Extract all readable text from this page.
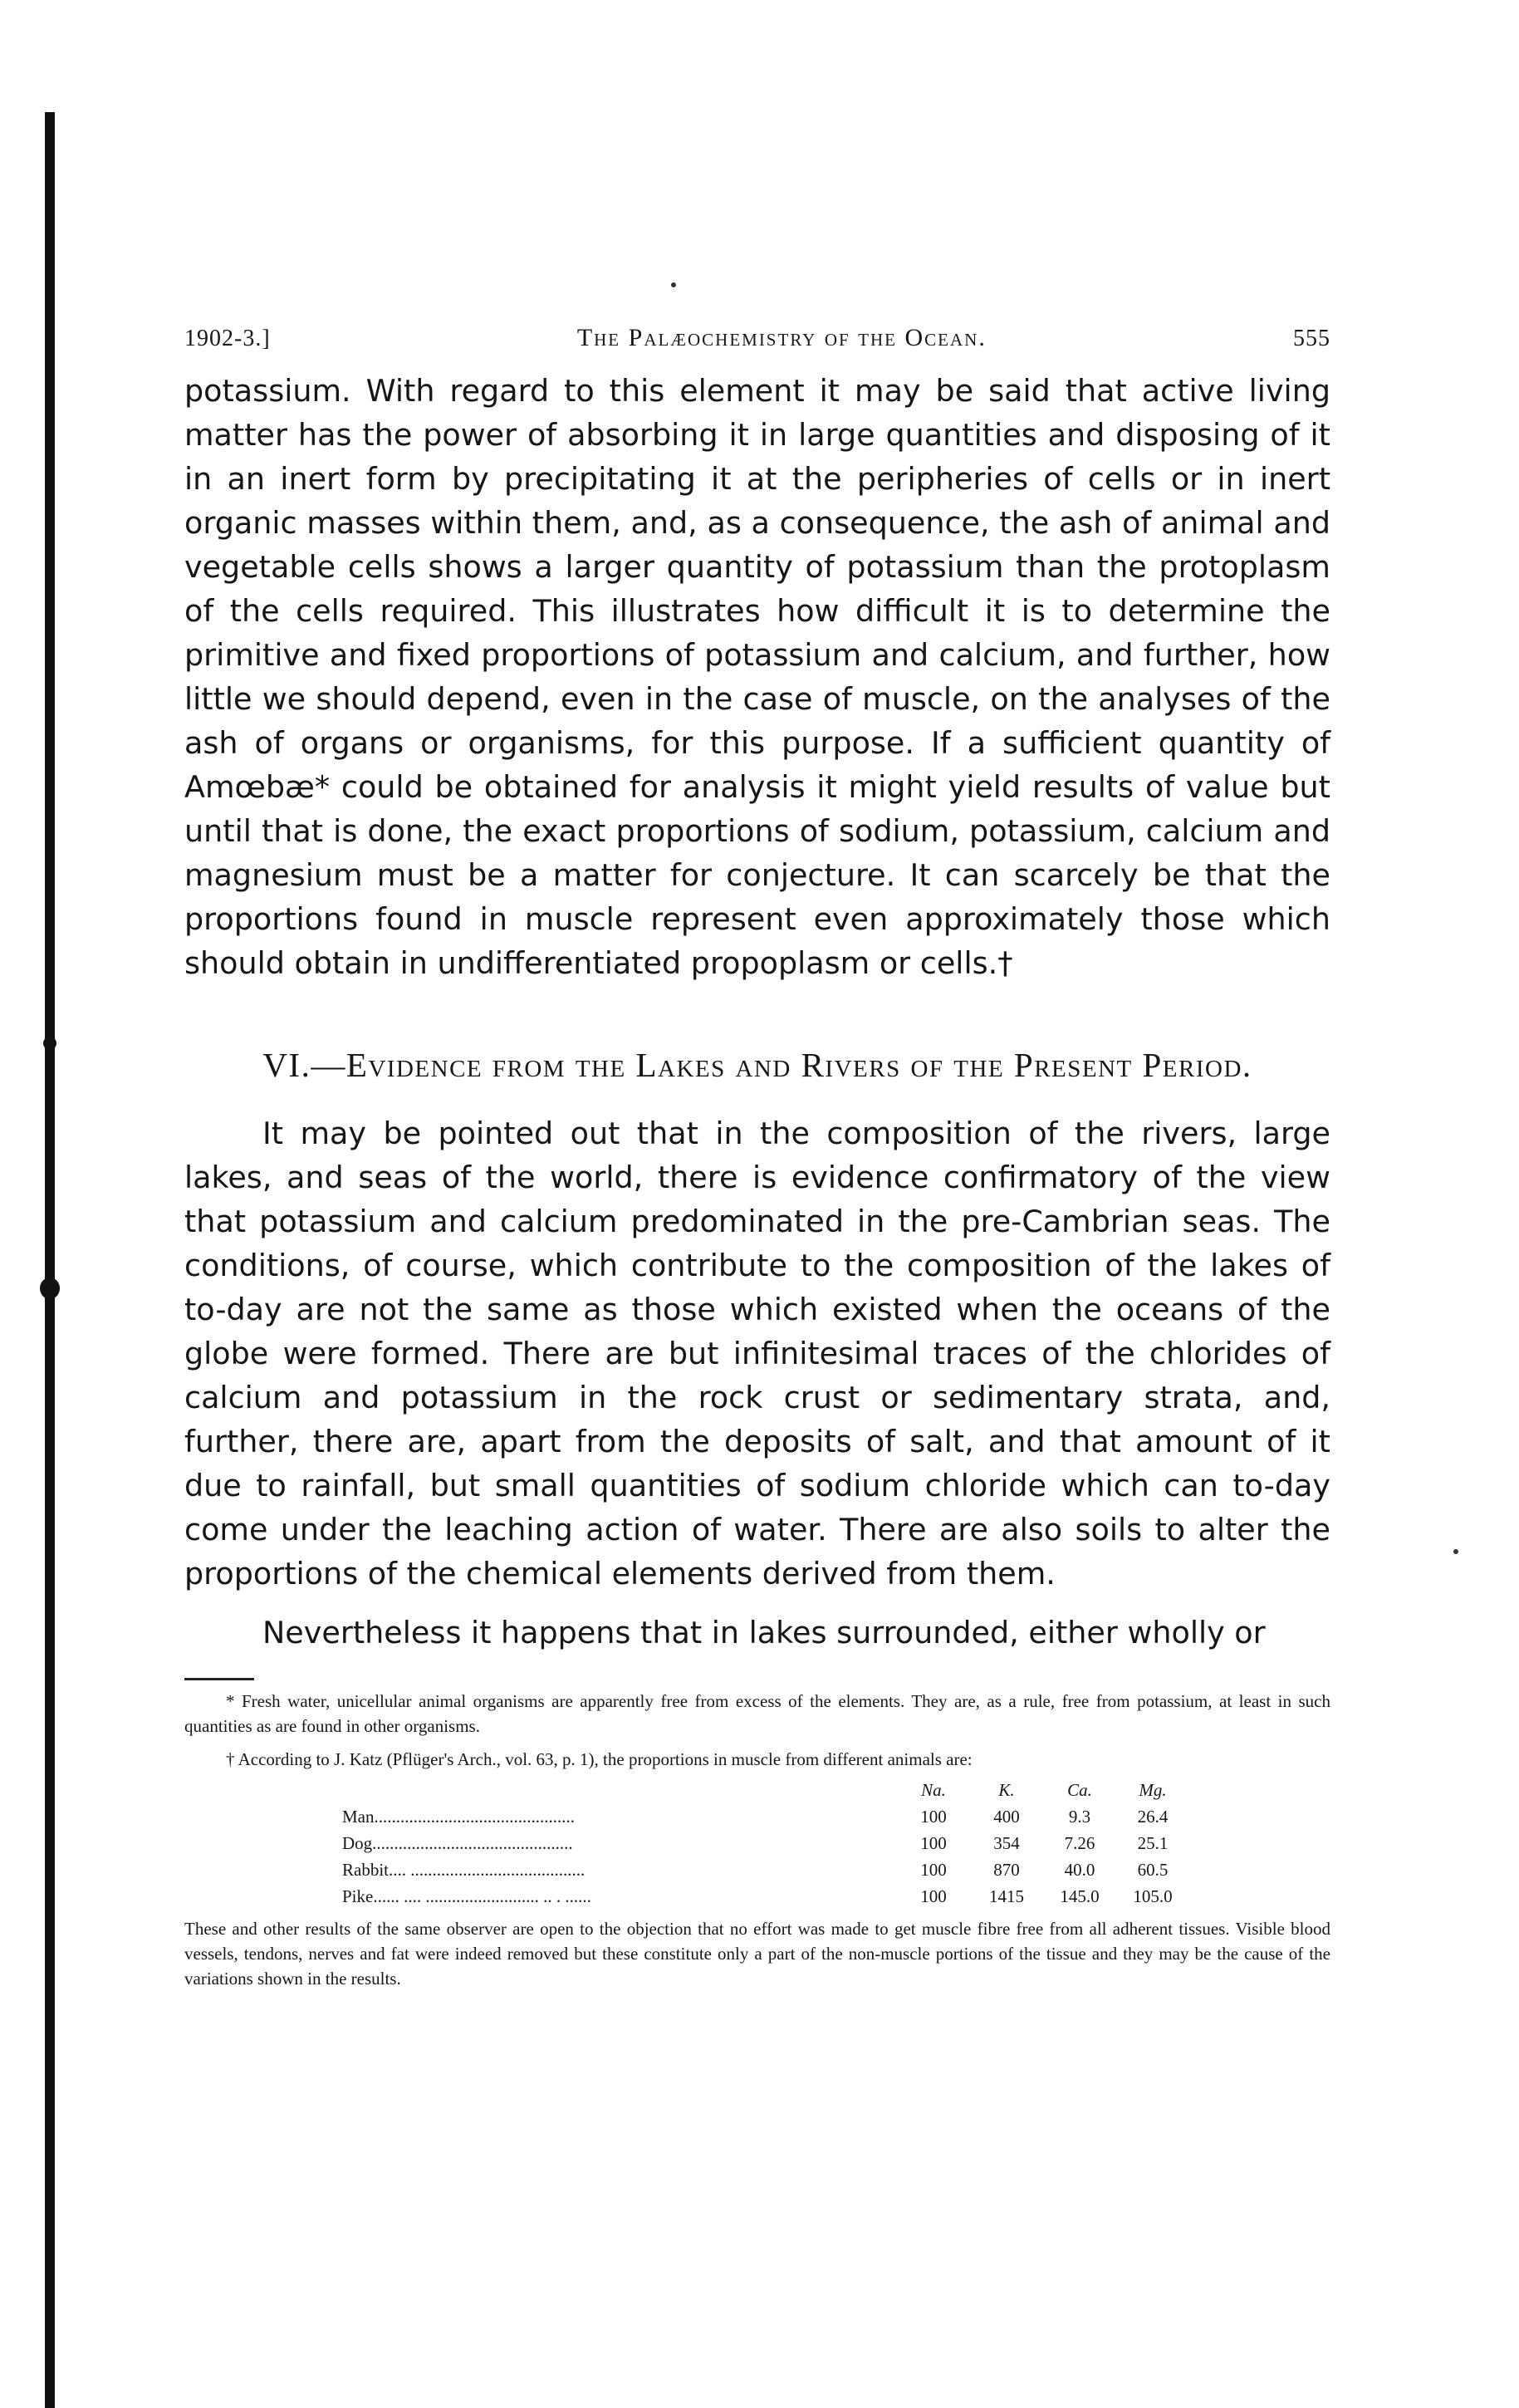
1902-3.]	The Palæochemistry of the Ocean.	555

potassium. With regard to this element it may be said that active living matter has the power of absorbing it in large quantities and disposing of it in an inert form by precipitating it at the peripheries of cells or in inert organic masses within them, and, as a consequence, the ash of animal and vegetable cells shows a larger quantity of potassium than the protoplasm of the cells required. This illustrates how difficult it is to determine the primitive and fixed proportions of potassium and calcium, and further, how little we should depend, even in the case of muscle, on the analyses of the ash of organs or organisms, for this purpose. If a sufficient quantity of Amœbæ* could be obtained for analysis it might yield results of value but until that is done, the exact proportions of sodium, potassium, calcium and magnesium must be a matter for conjecture. It can scarcely be that the proportions found in muscle represent even approximately those which should obtain in undifferentiated propoplasm or cells.†

VI.—Evidence from the Lakes and Rivers of the Present Period.

It may be pointed out that in the composition of the rivers, large lakes, and seas of the world, there is evidence confirmatory of the view that potassium and calcium predominated in the pre-Cambrian seas. The conditions, of course, which contribute to the composition of the lakes of to-day are not the same as those which existed when the oceans of the globe were formed. There are but infinitesimal traces of the chlorides of calcium and potassium in the rock crust or sedimentary strata, and, further, there are, apart from the deposits of salt, and that amount of it due to rainfall, but small quantities of sodium chloride which can to-day come under the leaching action of water. There are also soils to alter the proportions of the chemical elements derived from them.

Nevertheless it happens that in lakes surrounded, either wholly or

* Fresh water, unicellular animal organisms are apparently free from excess of the elements. They are, as a rule, free from potassium, at least in such quantities as are found in other organisms.

† According to J. Katz (Pflüger's Arch., vol. 63, p. 1), the proportions in muscle from different animals are:

	Na.	K.	Ca.	Mg.
Man..............................................	100	400	9.3	26.4
Dog..............................................	100	354	7.26	25.1
Rabbit.... ........................................	100	870	40.0	60.5
Pike...... .... .......................... .. . ......	100	1415	145.0	105.0

These and other results of the same observer are open to the objection that no effort was made to get muscle fibre free from all adherent tissues. Visible blood vessels, tendons, nerves and fat were indeed removed but these constitute only a part of the non-muscle portions of the tissue and they may be the cause of the variations shown in the results.
